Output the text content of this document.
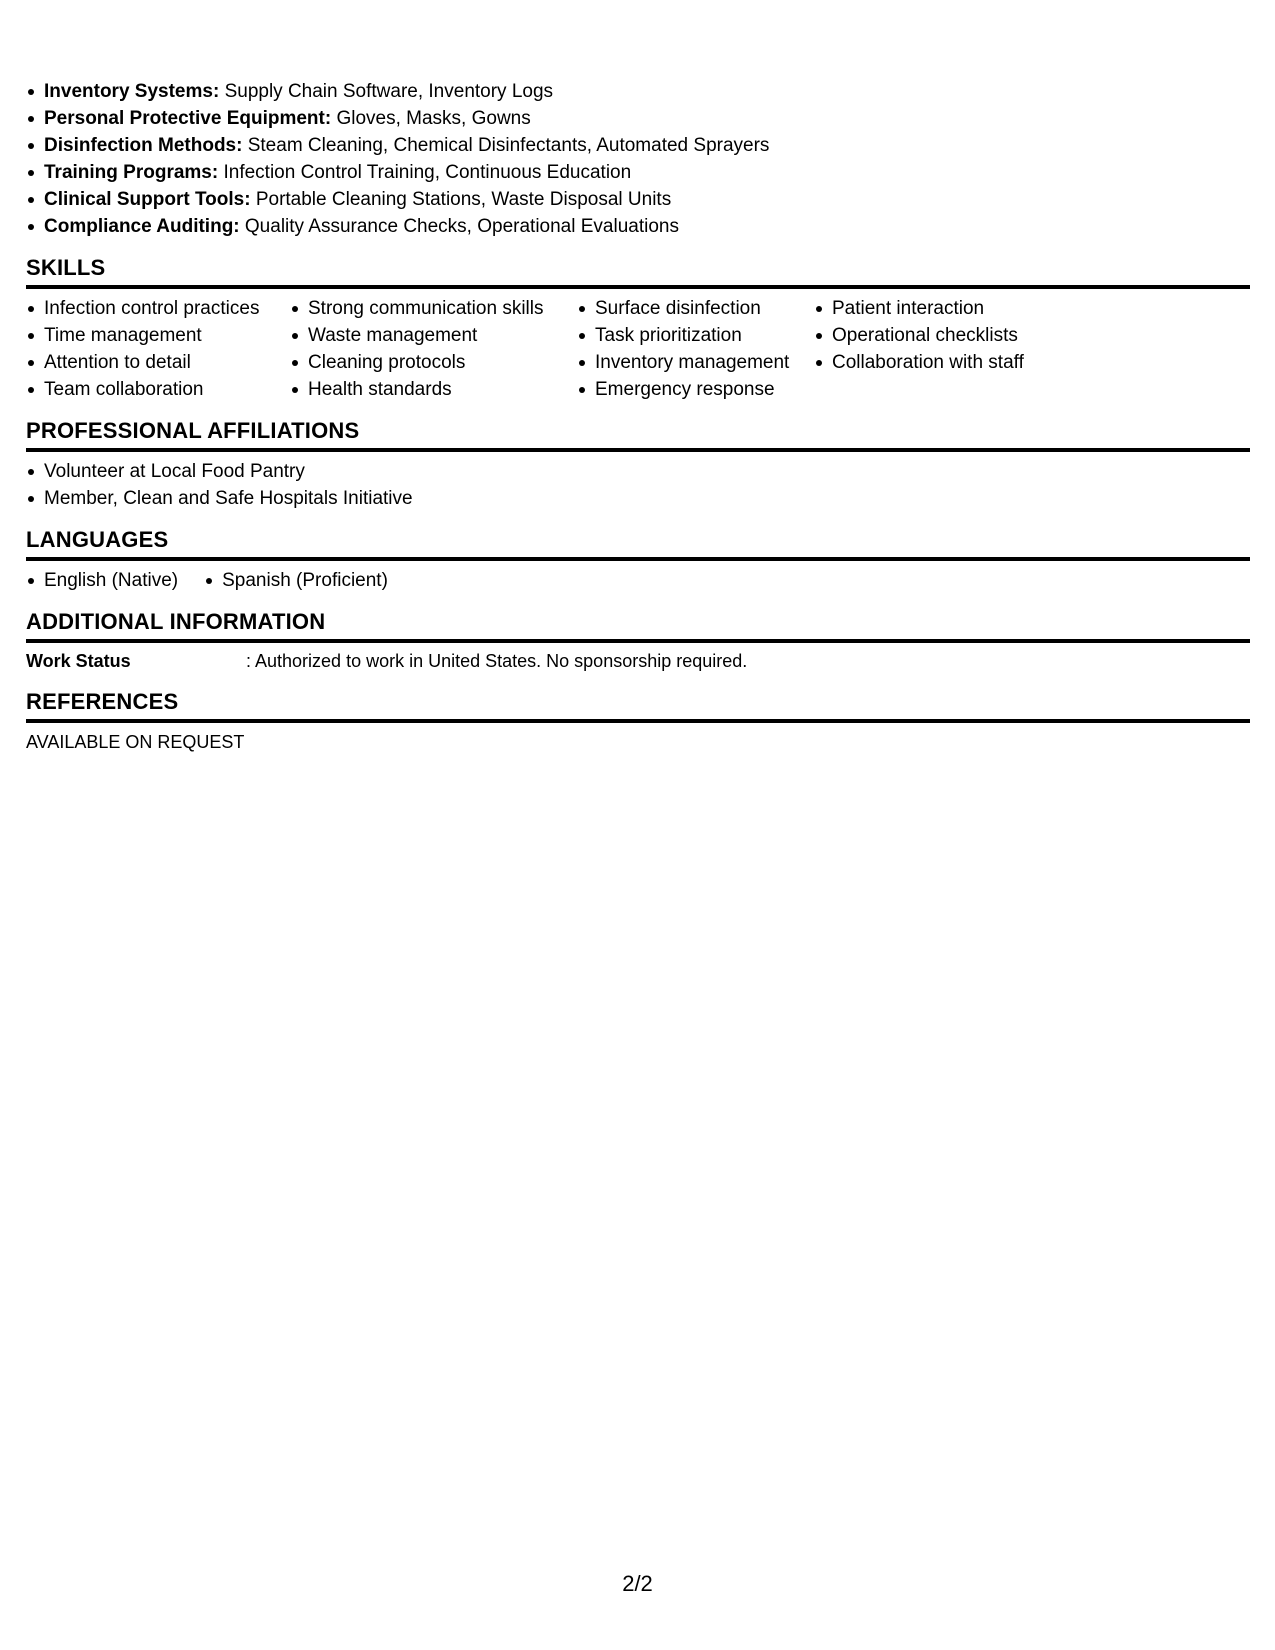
Inventory Systems: Supply Chain Software, Inventory Logs
Personal Protective Equipment: Gloves, Masks, Gowns
Disinfection Methods: Steam Cleaning, Chemical Disinfectants, Automated Sprayers
Training Programs: Infection Control Training, Continuous Education
Clinical Support Tools: Portable Cleaning Stations, Waste Disposal Units
Compliance Auditing: Quality Assurance Checks, Operational Evaluations
SKILLS
Infection control practices
Time management
Attention to detail
Team collaboration
Strong communication skills
Waste management
Cleaning protocols
Health standards
Surface disinfection
Task prioritization
Inventory management
Emergency response
Patient interaction
Operational checklists
Collaboration with staff
PROFESSIONAL AFFILIATIONS
Volunteer at Local Food Pantry
Member, Clean and Safe Hospitals Initiative
LANGUAGES
English (Native)	Spanish (Proficient)
ADDITIONAL INFORMATION
Work Status	: Authorized to work in United States. No sponsorship required.
REFERENCES
AVAILABLE ON REQUEST
2/2
